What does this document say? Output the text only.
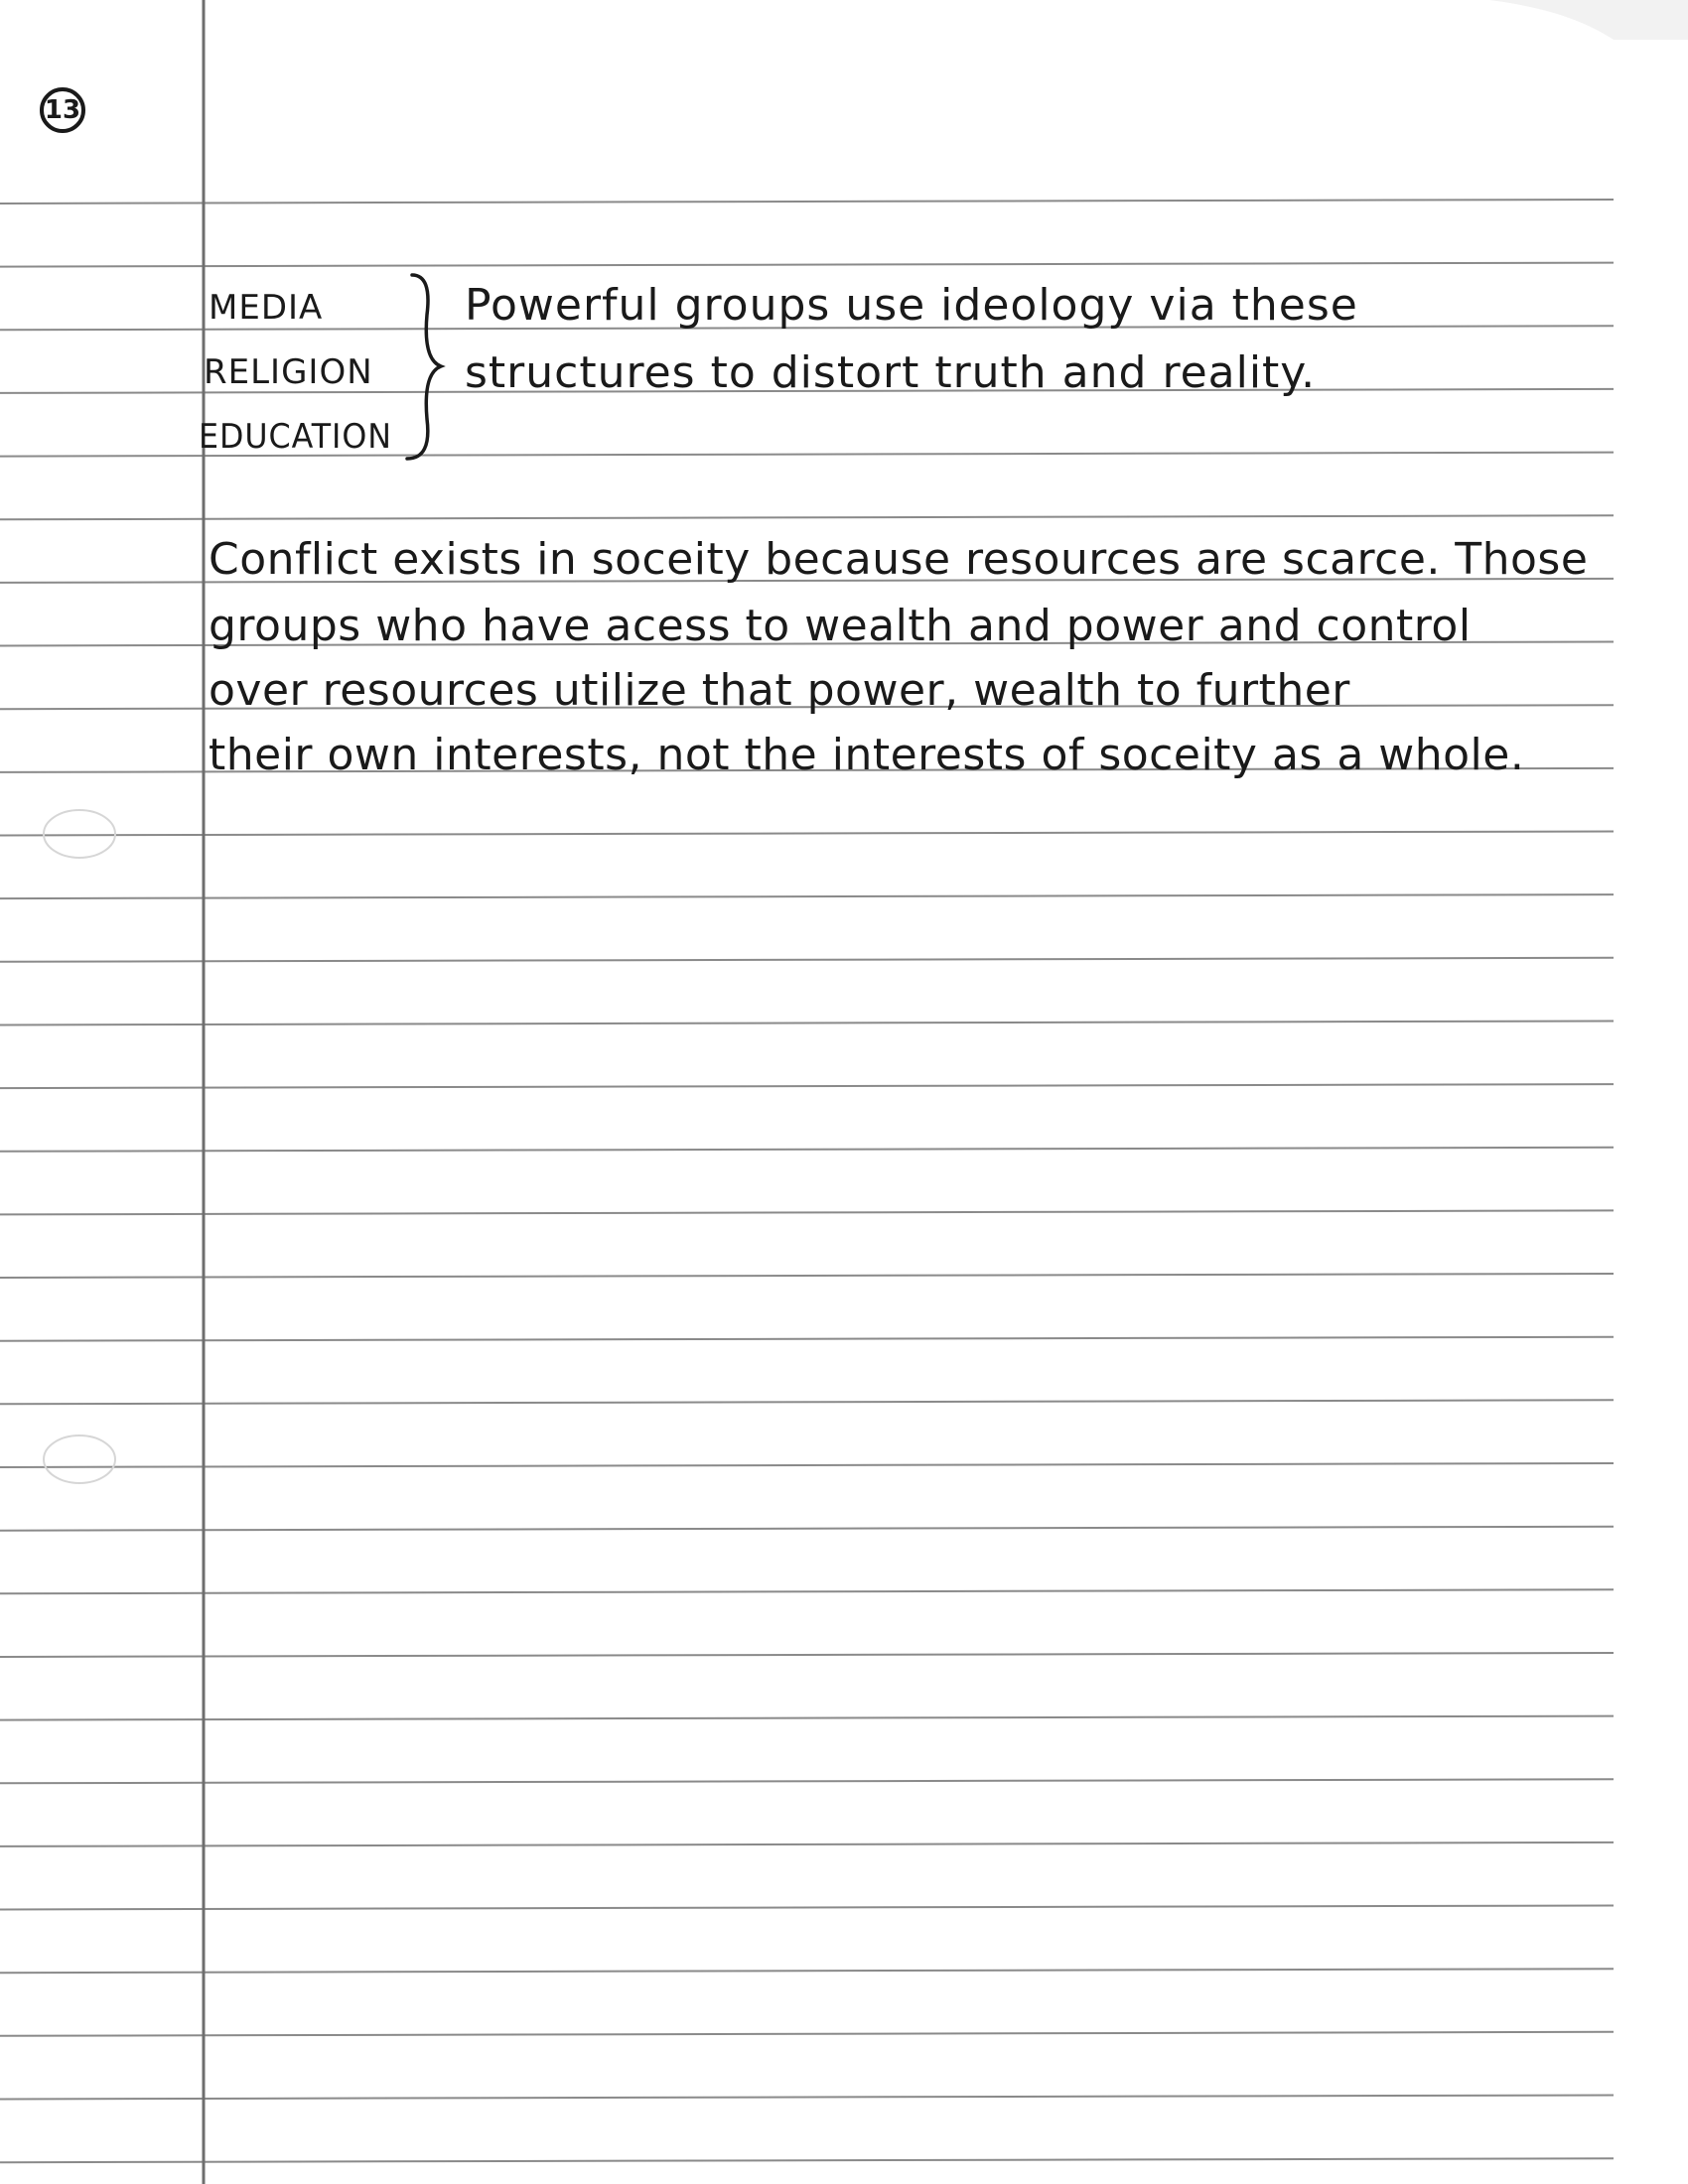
13

MEDIA

RELIGION

EDUCATION

Powerful groups use ideology via these

structures to distort truth and reality.

Conflict exists in soceity because resources are scarce. Those

groups who have acess to wealth and power and control

over resources utilize that power, wealth to further

their own interests, not the interests of soceity as a whole.
